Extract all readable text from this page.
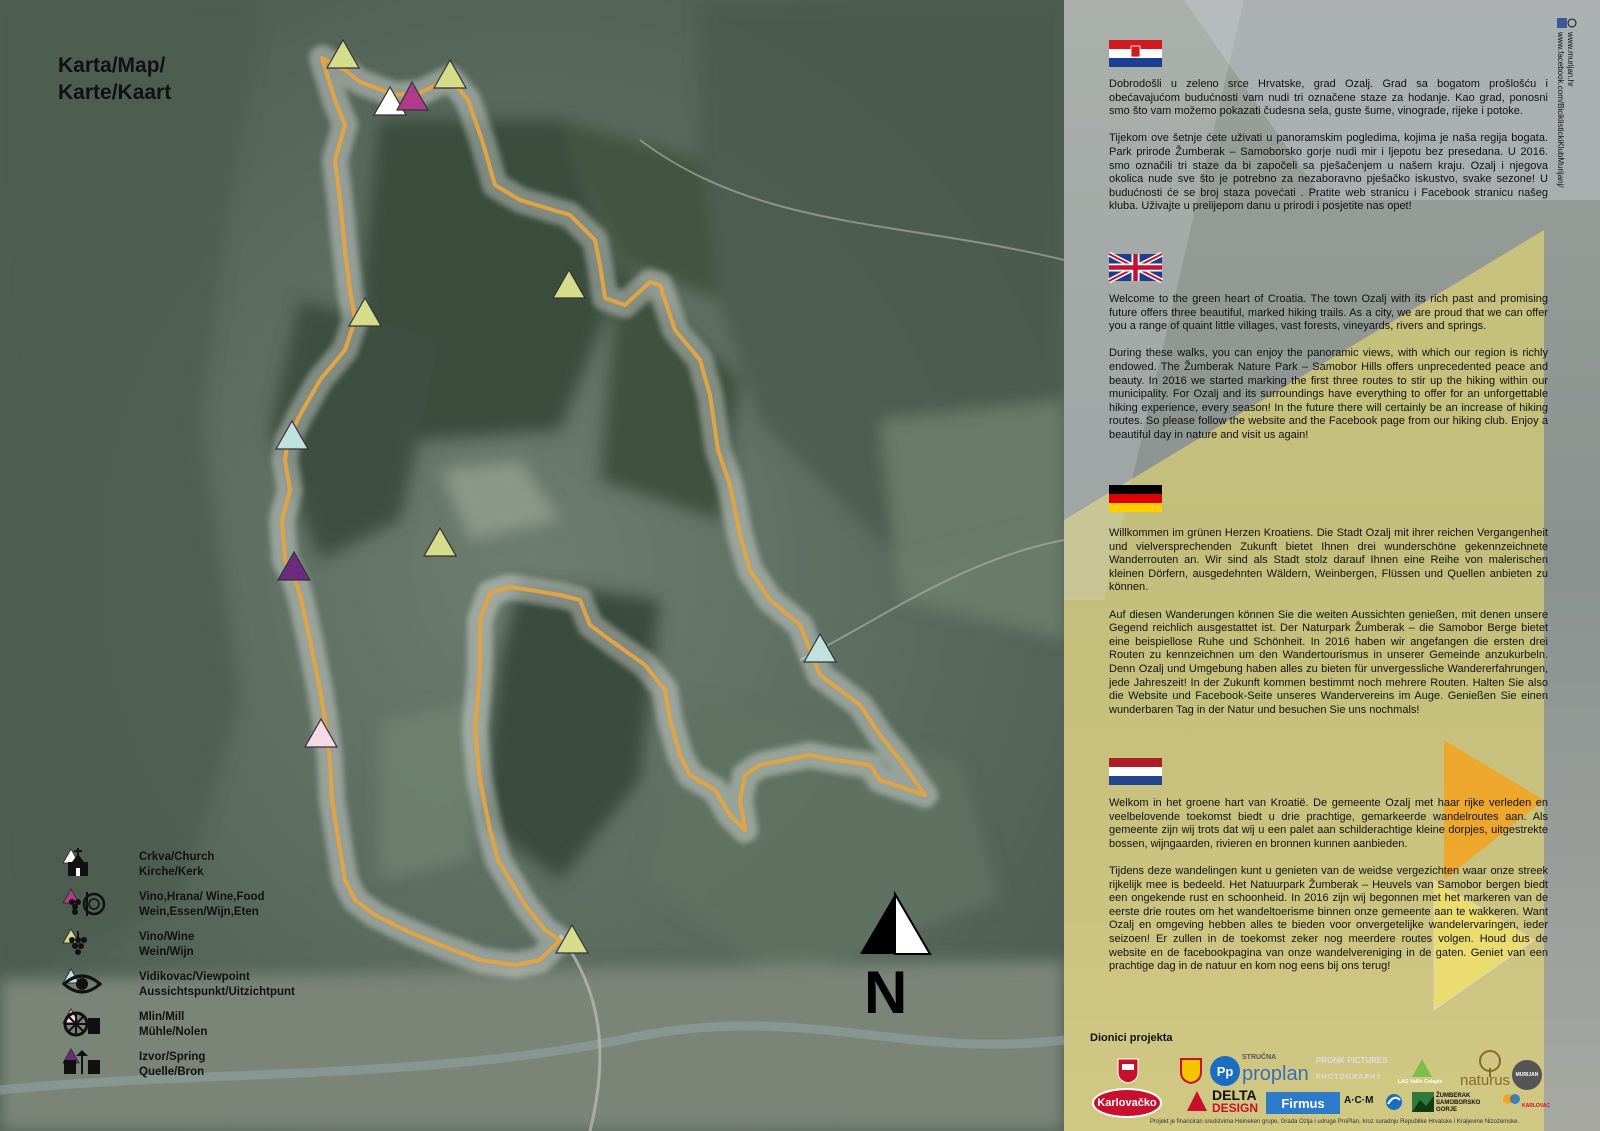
Karta/Map/
Karte/Kaart
Crkva/Church
Kirche/Kerk
Vino,Hrana/ Wine,Food
Wein,Essen/Wijn,Eten
Vino/Wine
Wein/Wijn
Vidikovac/Viewpoint
Aussichtspunkt/Uitzichtpunt
Mlin/Mill
Mühle/Nolen
Izvor/Spring
Quelle/Bron
N

Dobrodošli u zeleno srce Hrvatske, grad Ozalj. Grad sa bogatom prošlošću i obećavajućom budućnosti vam nudi tri označene staze za hodanje. Kao grad, ponosni smo što vam možemo pokazati čudesna sela, guste šume, vinograde, rijeke i potoke.

Tijekom ove šetnje ćete uživati u panoramskim pogledima, kojima je naša regija bogata. Park prirode Žumberak – Samoborsko gorje nudi mir i ljepotu bez presedana. U 2016. smo označili tri staze da bi započeli sa pješačenjem u našem kraju. Ozalj i njegova okolica nude sve što je potrebno za nezaboravno pješačko iskustvo, svake sezone! U budućnosti će se broj staza povećati . Pratite web stranicu i Facebook stranicu našeg kluba. Uživajte u prelijepom danu u prirodi i posjetite nas opet!

Welcome to the green heart of Croatia. The town Ozalj with its rich past and promising future offers three beautiful, marked hiking trails. As a city, we are proud that we can offer you a range of quaint little villages, vast forests, vineyards, rivers and springs.

During these walks, you can enjoy the panoramic views, with which our region is richly endowed. The Žumberak Nature Park – Samobor Hills offers unprecedented peace and beauty. In 2016 we started marking the first three routes to stir up the hiking within our municipality. For Ozalj and its surroundings have everything to offer for an unforgettable hiking experience, every season! In the future there will certainly be an increase of hiking routes. So please follow the website and the Facebook page from our hiking club. Enjoy a beautiful day in nature and visit us again!

Willkommen im grünen Herzen Kroatiens. Die Stadt Ozalj mit ihrer reichen Vergangenheit und vielversprechenden Zukunft bietet Ihnen drei wunderschöne gekennzeichnete Wanderrouten an. Wir sind als Stadt stolz darauf Ihnen eine Reihe von malerischen kleinen Dörfern, ausgedehnten Wäldern, Weinbergen, Flüssen und Quellen anbieten zu können.

Auf diesen Wanderungen können Sie die weiten Aussichten genießen, mit denen unsere Gegend reichlich ausgestattet ist. Der Naturpark Žumberak – die Samobor Berge bietet eine beispiellose Ruhe und Schönheit. In 2016 haben wir angefangen die ersten drei Routen zu kennzeichnen um den Wandertourismus in unserer Gemeinde anzukurbeln. Denn Ozalj und Umgebung haben alles zu bieten für unvergessliche Wandererfahrungen, jede Jahreszeit! In der Zukunft kommen bestimmt noch mehrere Routen. Halten Sie also die Website und Facebook-Seite unseres Wandervereins im Auge. Genießen Sie einen wunderbaren Tag in der Natur und besuchen Sie uns nochmals!

Welkom in het groene hart van Kroatië. De gemeente Ozalj met haar rijke verleden en veelbelovende toekomst biedt u drie prachtige, gemarkeerde wandelroutes aan. Als gemeente zijn wij trots dat wij u een palet aan schilderachtige kleine dorpjes, uitgestrekte bossen, wijngaarden, rivieren en bronnen kunnen aanbieden.

Tijdens deze wandelingen kunt u genieten van de weidse vergezichten waar onze streek rijkelijk mee is bedeeld. Het Natuurpark Žumberak – Heuvels van Samobor bergen biedt een ongekende rust en schoonheid. In 2016 zijn wij begonnen met het markeren van de eerste drie routes om het wandeltoerisme binnen onze gemeente aan te wakkeren. Want Ozalj en omgeving hebben alles te bieden voor onvergetelijke wandelervaringen, ieder seizoen! Er zullen in de toekomst zeker nog meerdere routes volgen. Houd dus de website en de facebookpagina van onze wandelvereniging in de gaten. Geniet van een prachtige dag in de natuur en kom nog eens bij ons terug!

www.facebook.com/BiciklistickiKlubMurijanj/ www.murijan.hr
Dionici projekta
Karlovačko
Pp
STRUČNA
proplan
PRONK PICTURES
PHOTOGRAPHY
LAG Vallis Colapis naturus	MURIJAN
DELTA
DESIGN	Firmus	A·C·M	ŽUMBERAK
SAMOBORSKO
GORJE
KARLOVAC
Projekt je financiran sredstvima Heineken grupe, Grada Ozlja i udruge ProPlan, kroz suradnju Republike Hrvatske i Kraljevine Nizozemske.
